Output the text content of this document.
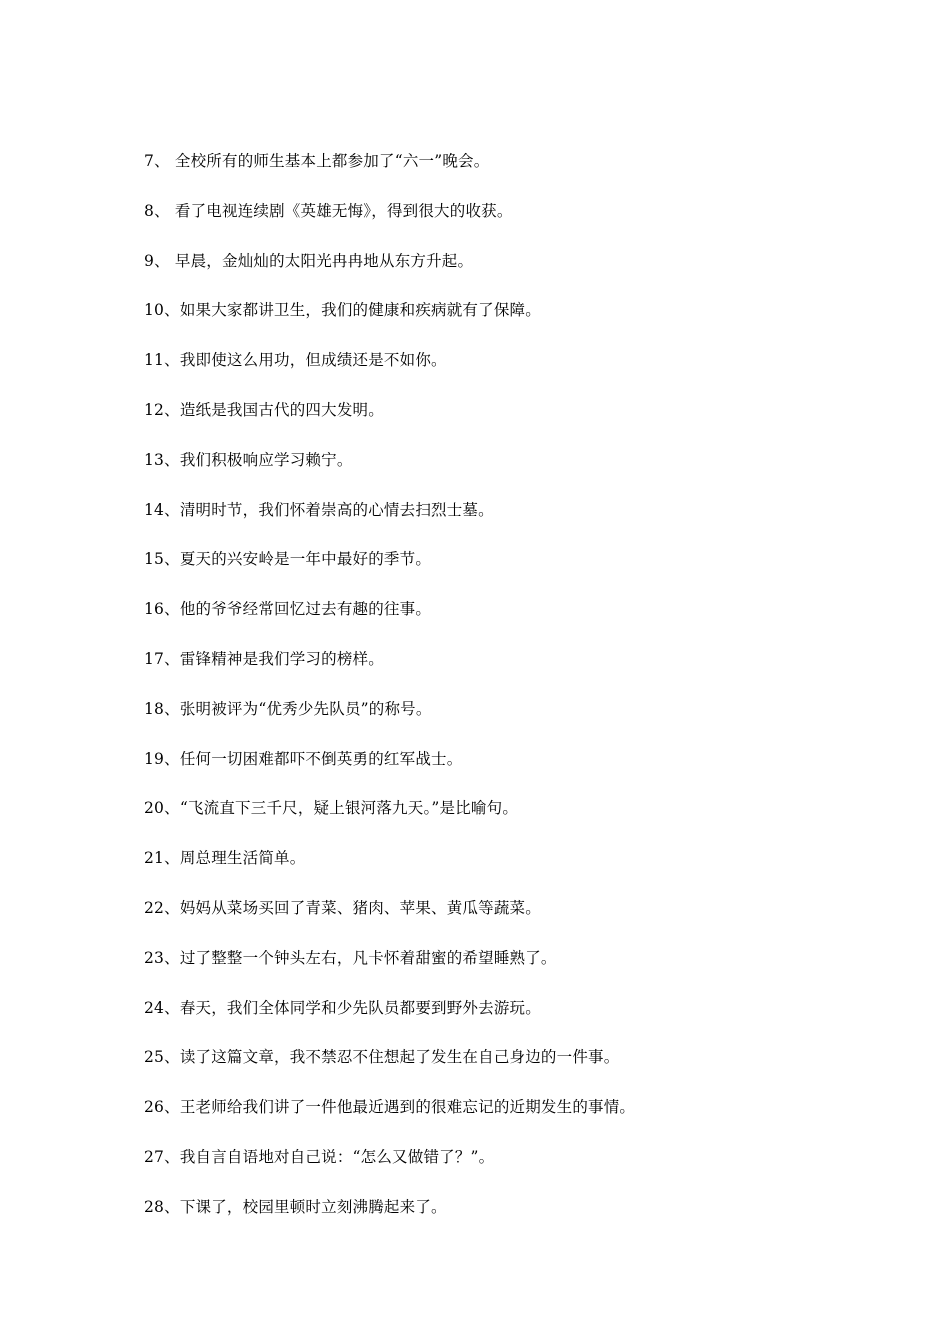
7、 全校所有的师生基本上都参加了“六一”晚会。
8、 看了电视连续剧《英雄无悔》，得到很大的收获。
9、 早晨，金灿灿的太阳光冉冉地从东方升起。
10、如果大家都讲卫生，我们的健康和疾病就有了保障。
11、我即使这么用功，但成绩还是不如你。
12、造纸是我国古代的四大发明。
13、我们积极响应学习赖宁。
14、清明时节，我们怀着崇高的心情去扫烈士墓。
15、夏天的兴安岭是一年中最好的季节。
16、他的爷爷经常回忆过去有趣的往事。
17、雷锋精神是我们学习的榜样。
18、张明被评为“优秀少先队员”的称号。
19、任何一切困难都吓不倒英勇的红军战士。
20、“飞流直下三千尺，疑上银河落九天。”是比喻句。
21、周总理生活简单。
22、妈妈从菜场买回了青菜、猪肉、苹果、黄瓜等蔬菜。
23、过了整整一个钟头左右，凡卡怀着甜蜜的希望睡熟了。
24、春天，我们全体同学和少先队员都要到野外去游玩。
25、读了这篇文章，我不禁忍不住想起了发生在自己身边的一件事。
26、王老师给我们讲了一件他最近遇到的很难忘记的近期发生的事情。
27、我自言自语地对自己说：“怎么又做错了？”。
28、下课了，校园里顿时立刻沸腾起来了。
